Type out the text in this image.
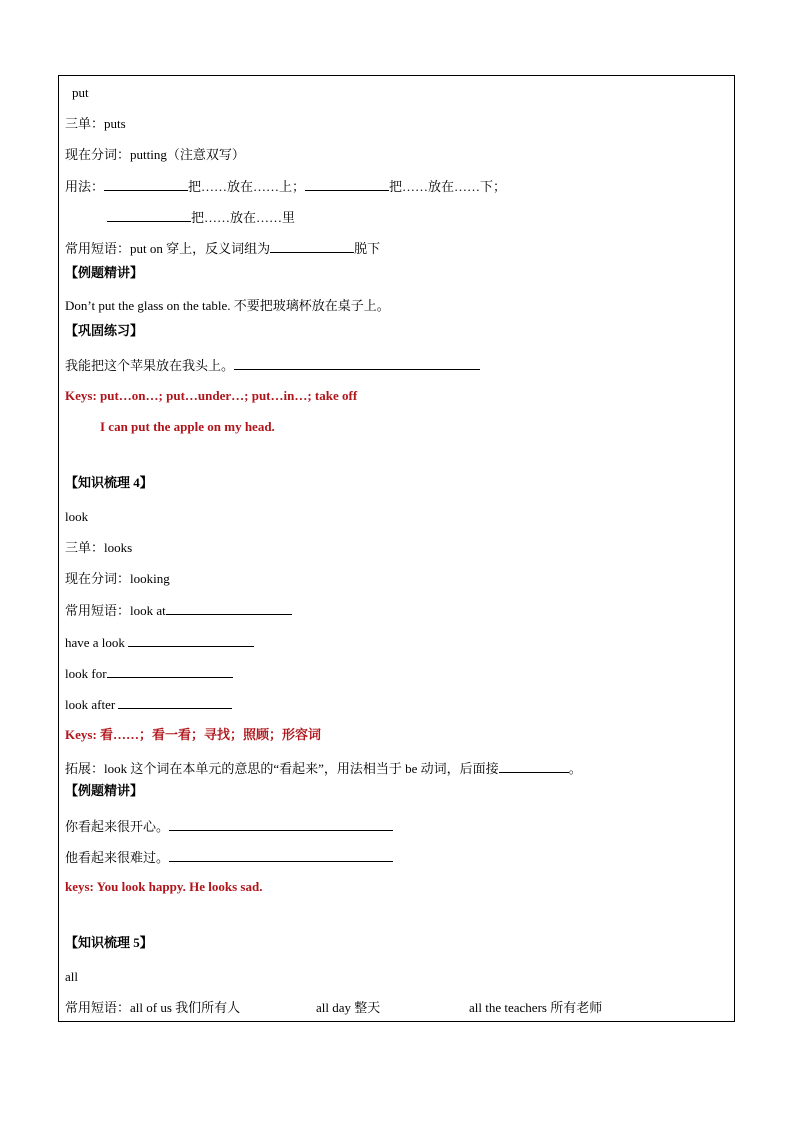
put
三单：puts
现在分词：putting（注意双写）
用法：	把……放在……上；	把……放在……下；
把……放在……里
常用短语：put on 穿上，反义词组为	脱下
【例题精讲】
Don’t put the glass on the table. 不要把玻璃杯放在桌子上。
【巩固练习】
我能把这个苹果放在我头上。
Keys: put…on…; put…under…; put…in…; take off
I can put the apple on my head.
【知识梳理 4】
look
三单：looks
现在分词：looking
常用短语：look at
have a look
look for
look after
Keys: 看……；看一看；寻找；照顾；形容词
拓展：look 这个词在本单元的意思的“看起来”，用法相当于 be 动词，后面接	。
【例题精讲】
你看起来很开心。
他看起来很难过。
keys: You look happy. He looks sad.
【知识梳理 5】
all
常用短语：all of us 我们所有人	all day 整天	all the teachers 所有老师
